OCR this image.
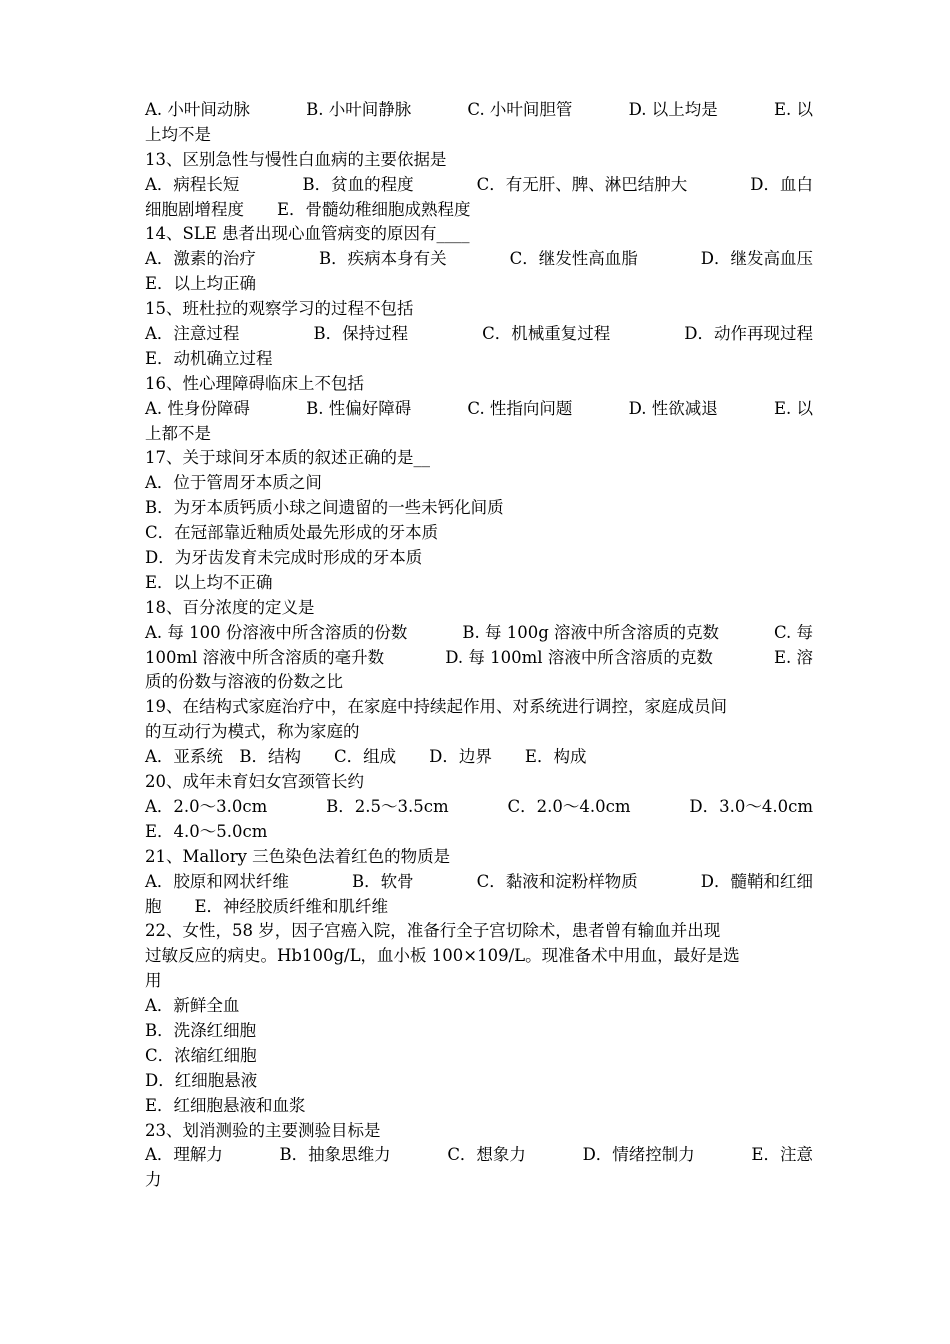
A. 小叶间动脉	B. 小叶间静脉	C. 小叶间胆管	D. 以上均是	E. 以
上均不是
13、区别急性与慢性白血病的主要依据是
A．病程长短	B．贫血的程度	C．有无肝、脾、淋巴结肿大	D．血白
细胞剧增程度　　E．骨髓幼稚细胞成熟程度
14、SLE 患者出现心血管病变的原因有____
A．激素的治疗	B．疾病本身有关	C．继发性高血脂	D．继发高血压
E．以上均正确
15、班杜拉的观察学习的过程不包括
A．注意过程	B．保持过程	C．机械重复过程	D．动作再现过程
E．动机确立过程
16、性心理障碍临床上不包括
A. 性身份障碍	B. 性偏好障碍	C. 性指向问题	D. 性欲减退	E. 以
上都不是
17、关于球间牙本质的叙述正确的是__
A．位于管周牙本质之间
B．为牙本质钙质小球之间遗留的一些未钙化间质
C．在冠部靠近釉质处最先形成的牙本质
D．为牙齿发育未完成时形成的牙本质
E．以上均不正确
18、百分浓度的定义是
A. 每 100 份溶液中所含溶质的份数	B. 每 100g 溶液中所含溶质的克数	C. 每
100ml 溶液中所含溶质的毫升数	D. 每 100ml 溶液中所含溶质的克数	E. 溶
质的份数与溶液的份数之比
19、在结构式家庭治疗中，在家庭中持续起作用、对系统进行调控，家庭成员间
的互动行为模式，称为家庭的
A．亚系统　B．结构　　C．组成　　D．边界　　E．构成
20、成年未育妇女宫颈管长约
A．2.0～3.0cm	B．2.5～3.5cm	C．2.0～4.0cm	D．3.0～4.0cm
E．4.0～5.0cm
21、Mallory 三色染色法着红色的物质是
A．胶原和网状纤维	B．软骨	C．黏液和淀粉样物质	D．髓鞘和红细
胞　　E．神经胶质纤维和肌纤维
22、女性，58 岁，因子宫癌入院，准备行全子宫切除术，患者曾有输血并出现
过敏反应的病史。Hb100g/L，血小板 100×109/L。现准备术中用血，最好是选
用
A．新鲜全血
B．洗涤红细胞
C．浓缩红细胞
D．红细胞悬液
E．红细胞悬液和血浆
23、划消测验的主要测验目标是
A．理解力	B．抽象思维力	C．想象力	D．情绪控制力	E．注意
力
